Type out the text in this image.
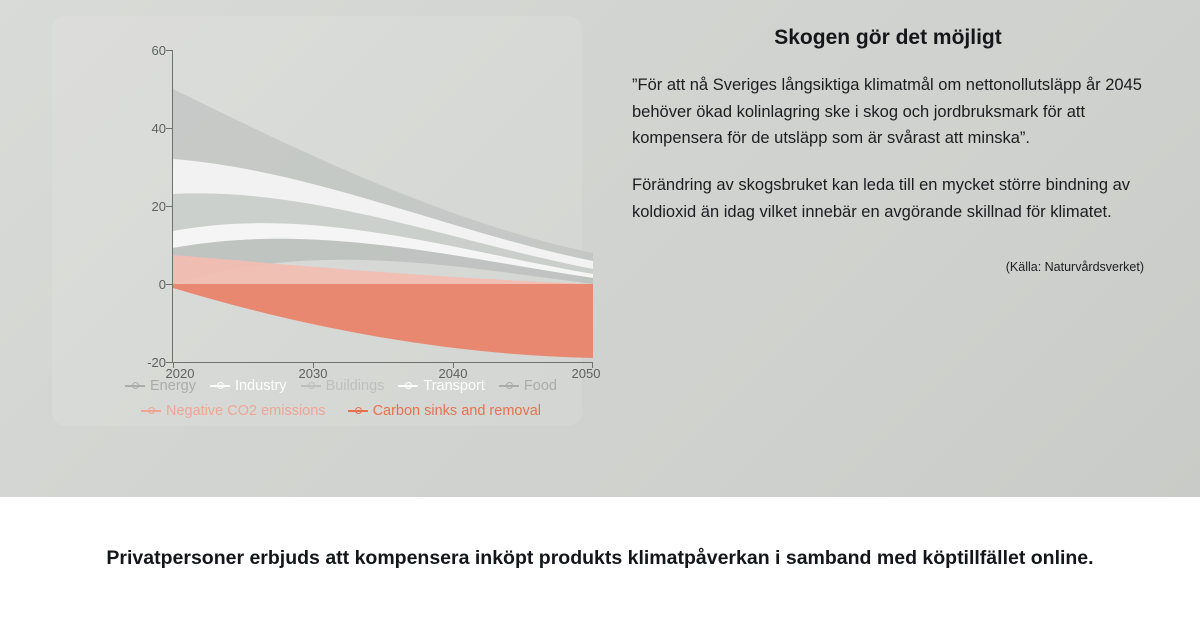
60
40
20
0
-20
2020	2030	2040	2050
Energy	Industry	Buildings	Transport	Food
Negative CO2 emissions	Carbon sinks and removal
Skogen gör det möjligt

”För att nå Sveriges långsiktiga klimatmål om nettonollutsläpp år 2045 behöver ökad kolinlagring ske i skog och jordbruksmark för att kompensera för de utsläpp som är svårast att minska”.

Förändring av skogsbruket kan leda till en mycket större bindning av koldioxid än idag vilket innebär en avgörande skillnad för klimatet.

(Källa: Naturvårdsverket)
Privatpersoner erbjuds att kompensera inköpt produkts klimatpåverkan i samband med köptillfället online.
